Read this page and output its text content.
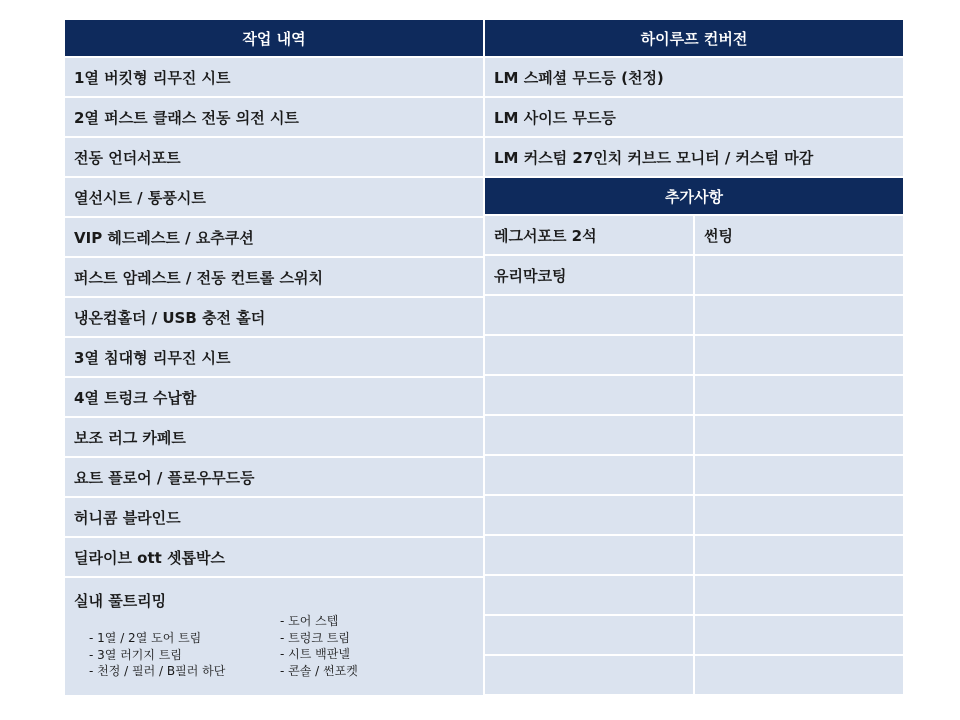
작업 내역
1열 버킷형 리무진 시트
2열 퍼스트 클래스 전동 의전 시트
전동 언더서포트
열선시트 / 통풍시트
VIP 헤드레스트 / 요추쿠션
퍼스트 암레스트 / 전동 컨트롤 스위치
냉온컵홀더 / USB 충전 홀더
3열 침대형 리무진 시트
4열 트렁크 수납함
보조 러그 카페트
요트 플로어 / 플로우무드등
허니콤 블라인드
딜라이브 ott 셋톱박스
실내 풀트리밍
- 1열 / 2열 도어 트림
- 3열 러기지 트림
- 천정 / 필러 / B필러 하단
- 도어 스텝
- 트렁크 트림
- 시트 백판넬
- 콘솔 / 썬포켓
하이루프 컨버전
LM 스페셜 무드등 (천정)
LM 사이드 무드등
LM 커스텀 27인치 커브드 모니터 / 커스텀 마감
추가사항
레그서포트 2석	썬팅
유리막코팅
